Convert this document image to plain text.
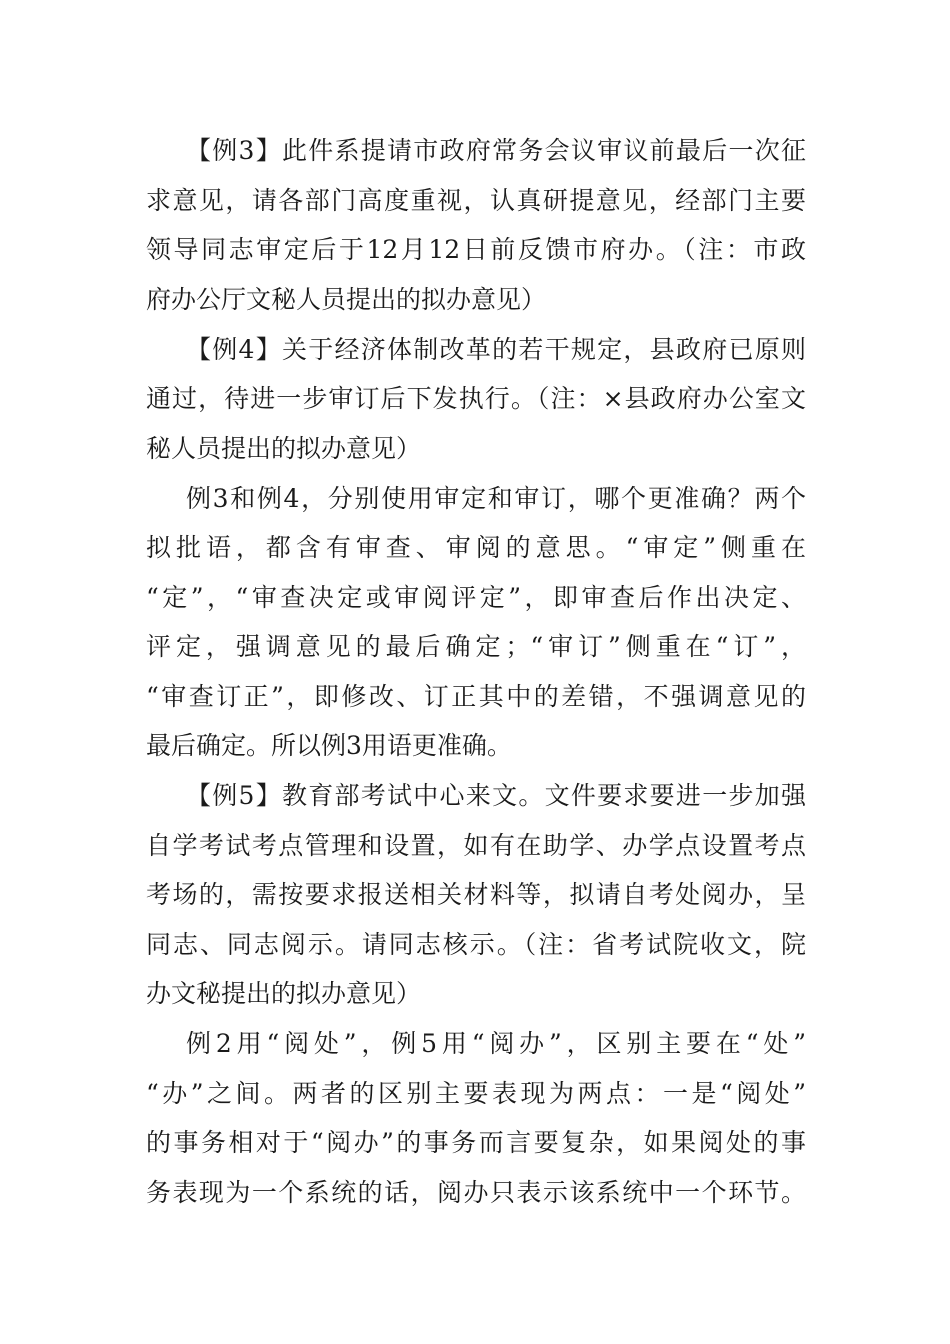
【例3】此件系提请市政府常务会议审议前最后一次征
求意见，请各部门高度重视，认真研提意见，经部门主要
领导同志审定后于12月12日前反馈市府办。（注：市政
府办公厅文秘人员提出的拟办意见）
【例4】关于经济体制改革的若干规定，县政府已原则
通过，待进一步审订后下发执行。（注：×县政府办公室文
秘人员提出的拟办意见）
例3和例4，分别使用审定和审订，哪个更准确？两个
拟批语，都含有审查、审阅的意思。“审定”侧重在
“定”，“审查决定或审阅评定”，即审查后作出决定、
评定，强调意见的最后确定；“审订”侧重在“订”，
“审查订正”，即修改、订正其中的差错，不强调意见的
最后确定。所以例3用语更准确。
【例5】教育部考试中心来文。文件要求要进一步加强
自学考试考点管理和设置，如有在助学、办学点设置考点
考场的，需按要求报送相关材料等，拟请自考处阅办，呈
同志、同志阅示。请同志核示。（注：省考试院收文，院
办文秘提出的拟办意见）
例2用“阅处”，例5用“阅办”，区别主要在“处”
“办”之间。两者的区别主要表现为两点：一是“阅处”
的事务相对于“阅办”的事务而言要复杂，如果阅处的事
务表现为一个系统的话，阅办只表示该系统中一个环节。
